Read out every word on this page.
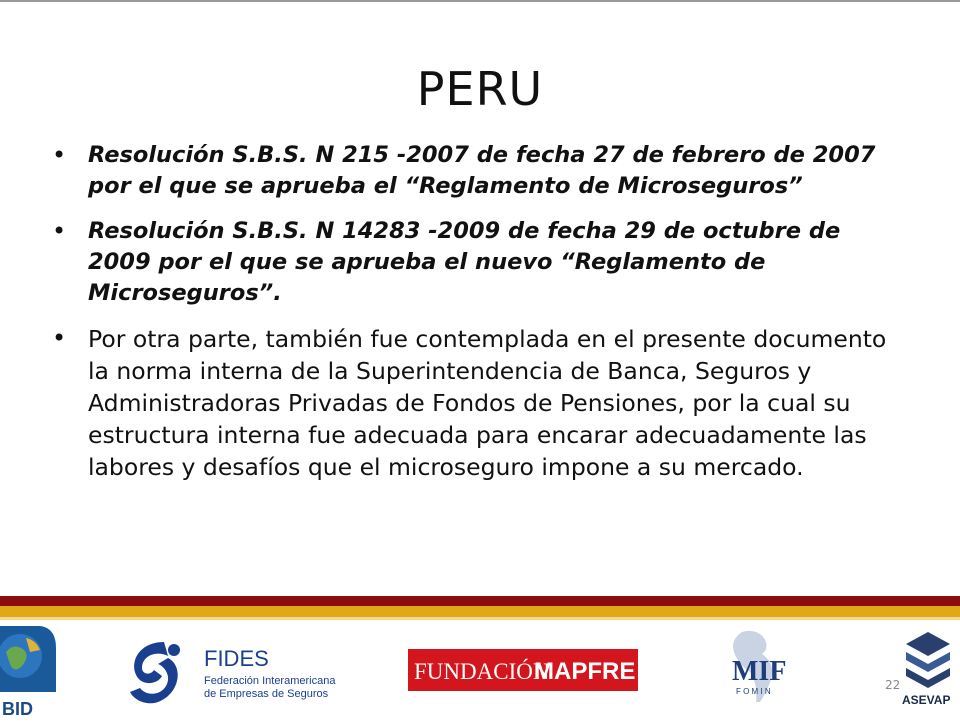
PERU
• Resolución S.B.S. N 215 -2007 de fecha 27 de febrero de 2007 por el que se aprueba el “Reglamento de Microseguros”
• Resolución S.B.S. N 14283 -2009 de fecha 29 de octubre de 2009 por el que se aprueba el nuevo “Reglamento de Microseguros”.
• Por otra parte, también fue contemplada en el presente documento la norma interna de la Superintendencia de Banca, Seguros y Administradoras Privadas de Fondos de Pensiones, por la cual su estructura interna fue adecuada para encarar adecuadamente las labores y desafíos que el microseguro impone a su mercado.
BID
FIDES
Federación Interamericana
de Empresas de Seguros
FUNDACIÓN
MAPFRE	MIF
F O M I N
ASEVAP
22
